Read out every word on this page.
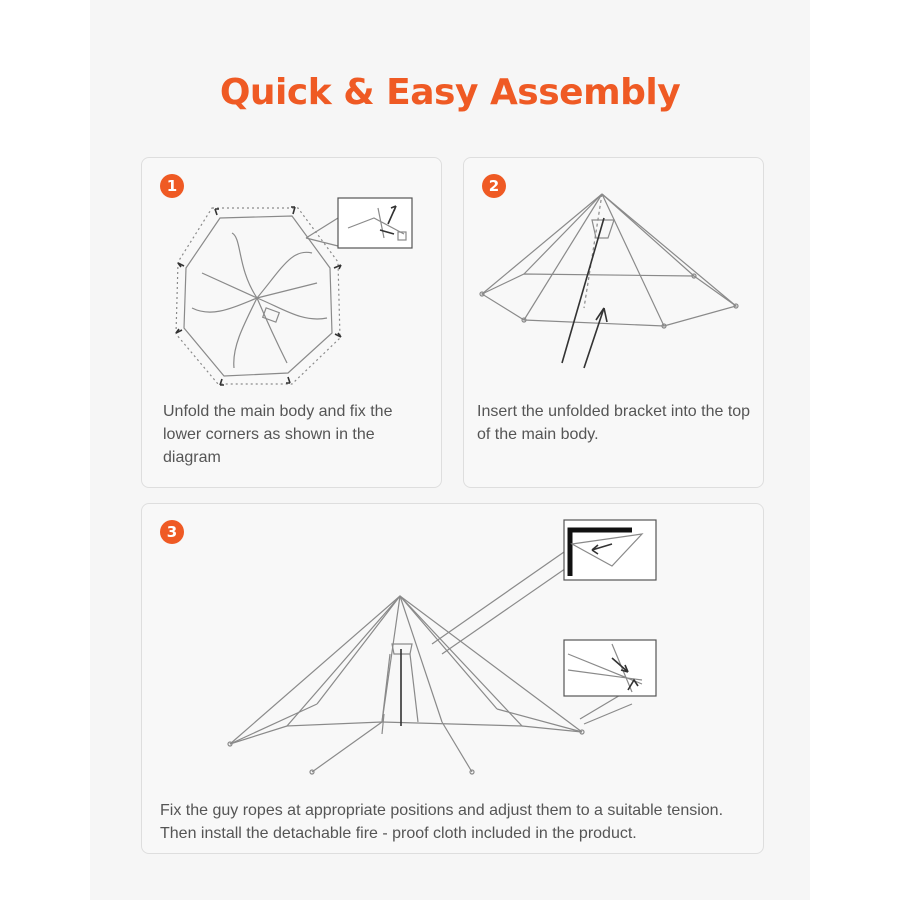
Quick & Easy Assembly
1
Unfold the main body and fix the lower corners as shown in the diagram
2
Insert the unfolded bracket into the top of the main body.
3
Fix the guy ropes at appropriate positions and adjust them to a suitable tension. Then install the detachable fire - proof cloth included in the product.
